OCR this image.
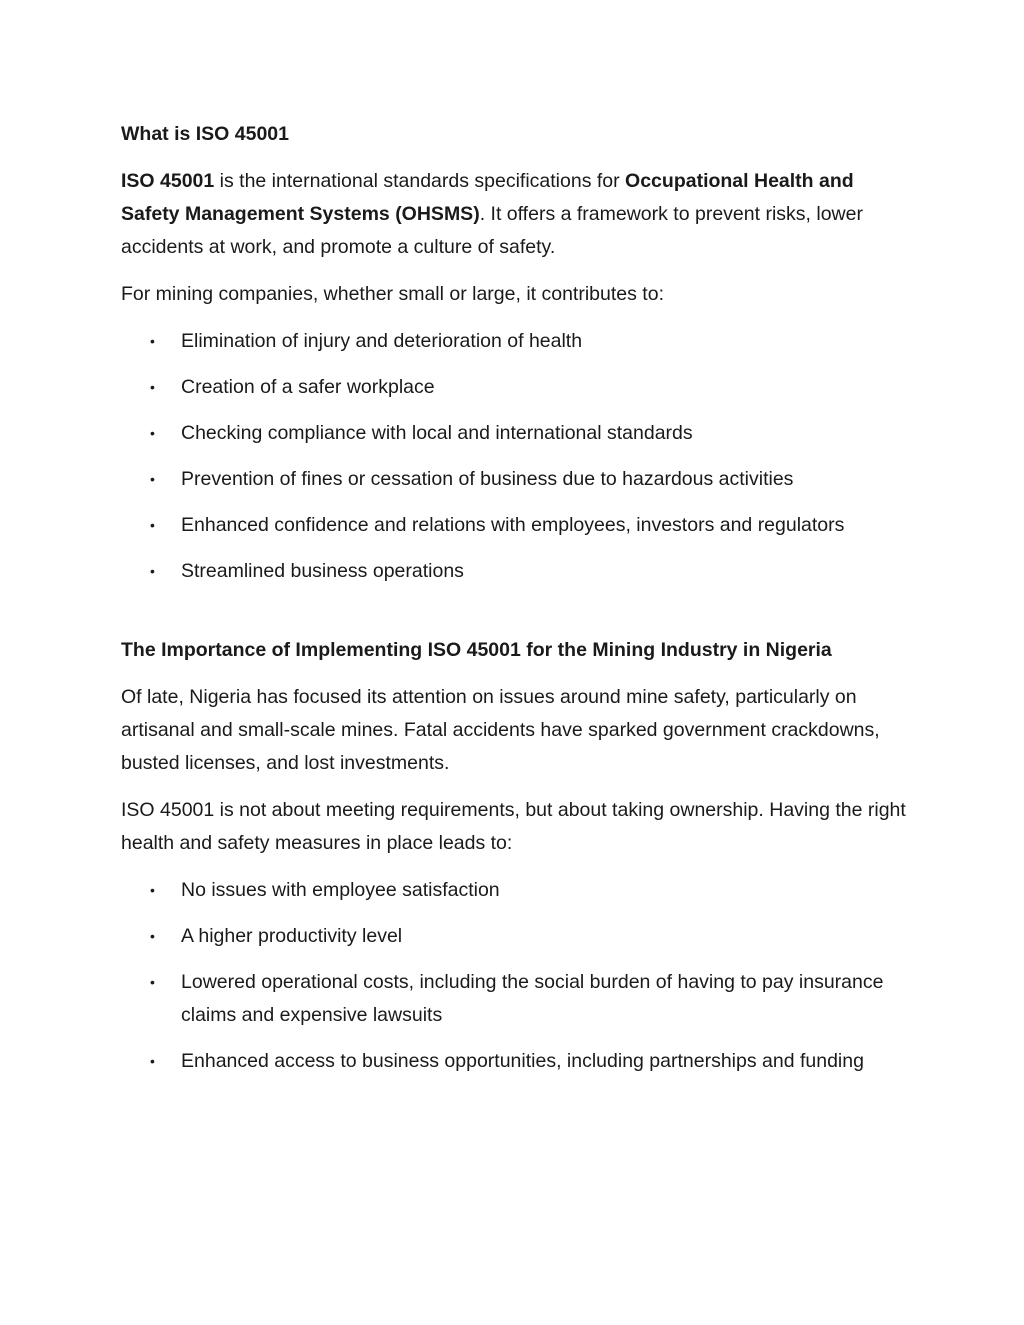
What is ISO 45001

ISO 45001 is the international standards specifications for Occupational Health and Safety Management Systems (OHSMS). It offers a framework to prevent risks, lower accidents at work, and promote a culture of safety.

For mining companies, whether small or large, it contributes to:

• Elimination of injury and deterioration of health
• Creation of a safer workplace
• Checking compliance with local and international standards
• Prevention of fines or cessation of business due to hazardous activities
• Enhanced confidence and relations with employees, investors and regulators
• Streamlined business operations
The Importance of Implementing ISO 45001 for the Mining Industry in Nigeria

Of late, Nigeria has focused its attention on issues around mine safety, particularly on artisanal and small-scale mines. Fatal accidents have sparked government crackdowns, busted licenses, and lost investments.

ISO 45001 is not about meeting requirements, but about taking ownership. Having the right health and safety measures in place leads to:

• No issues with employee satisfaction
• A higher productivity level
• Lowered operational costs, including the social burden of having to pay insurance claims and expensive lawsuits
• Enhanced access to business opportunities, including partnerships and funding
